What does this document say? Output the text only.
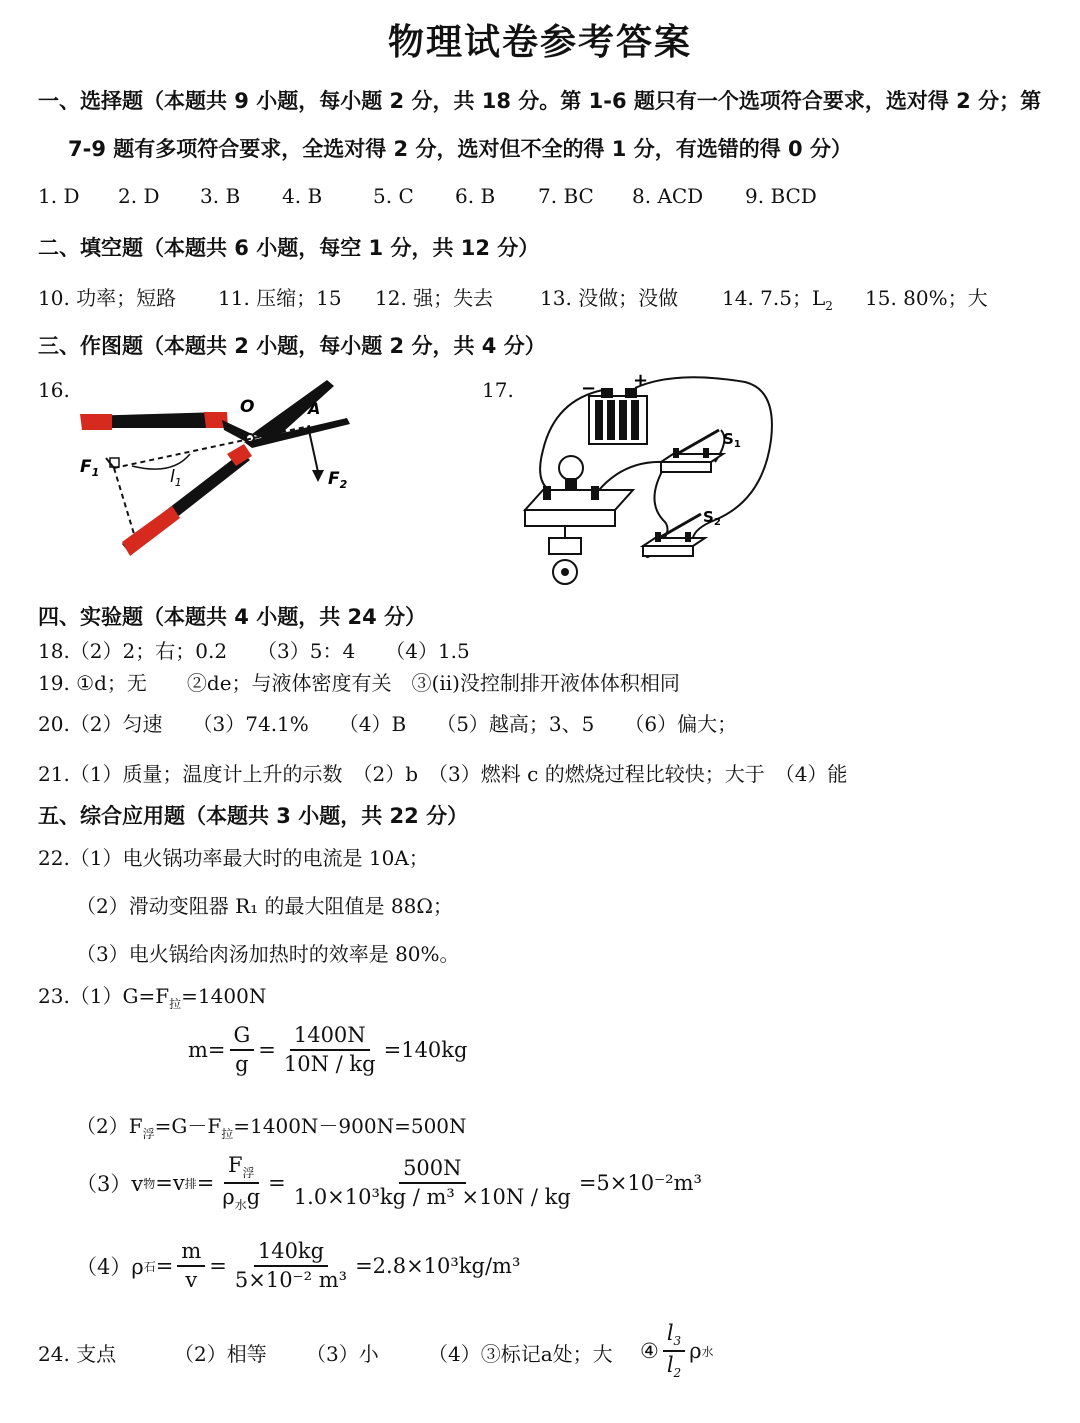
物理试卷参考答案
一、选择题（本题共 9 小题，每小题 2 分，共 18 分。第 1-6 题只有一个选项符合要求，选对得 2 分；第
7-9 题有多项符合要求，全选对得 2 分，选对但不全的得 1 分，有选错的得 0 分）
1. D 2. D 3. B 4. B	5. C 6. B 7. BC 8. ACD 9. BCD
二、填空题（本题共 6 小题，每空 1 分，共 12 分）
10. 功率；短路 11. 压缩；15 12. 强；失去 13. 没做；没做 14. 7.5；$L_2$ 15. 80%；大
三、作图题（本题共 2 小题，每小题 2 分，共 4 分）
16.	17.
O	A
$F_1$	$F_2$
$l_1$
− +
$S_1$
$S_2$
四、实验题（本题共 4 小题，共 24 分）
18.（2）2；右；0.2　　（3）5：4　　（4）1.5
19. ①d；无　　②de；与液体密度有关　③(ii)没控制排开液体体积相同
20.（2）匀速　　（3）74.1%　　（4）B　　（5）越高；3、5　　（6）偏大；
21.（1）质量；温度计上升的示数　（2）b　（3）燃料 c 的燃烧过程比较快；大于　（4）能
五、综合应用题（本题共 3 小题，共 22 分）
22.（1）电火锅功率最大时的电流是 10A；
（2）滑动变阻器 R₁ 的最大阻值是 88Ω；
（3）电火锅给肉汤加热时的效率是 80%。
$23.(1)G=F_拉=1400N$
$m= \frac{G}{g} = \frac{1400N}{10N / kg} =140kg$
$(2)F_浮=G-F_拉=1400N-900N=500N$
（3）v 物 =v 排 = $\frac{F_浮}{\rho_水g} = \frac{500N}{\text{1.0×10³kg / m³ ×10N / kg}} =5\times 10^{-2}m^3$
（4）ρ 石 = $\frac{m}{v} = \frac{140kg}{\text{5×10⁻² m³}} =2.8\times 10^3kg/m^3$
24. 支点	（2）相等 （3）小 （4）③标记a处；大 ④ $\frac{l_3}{l_2}$ ρ 水
